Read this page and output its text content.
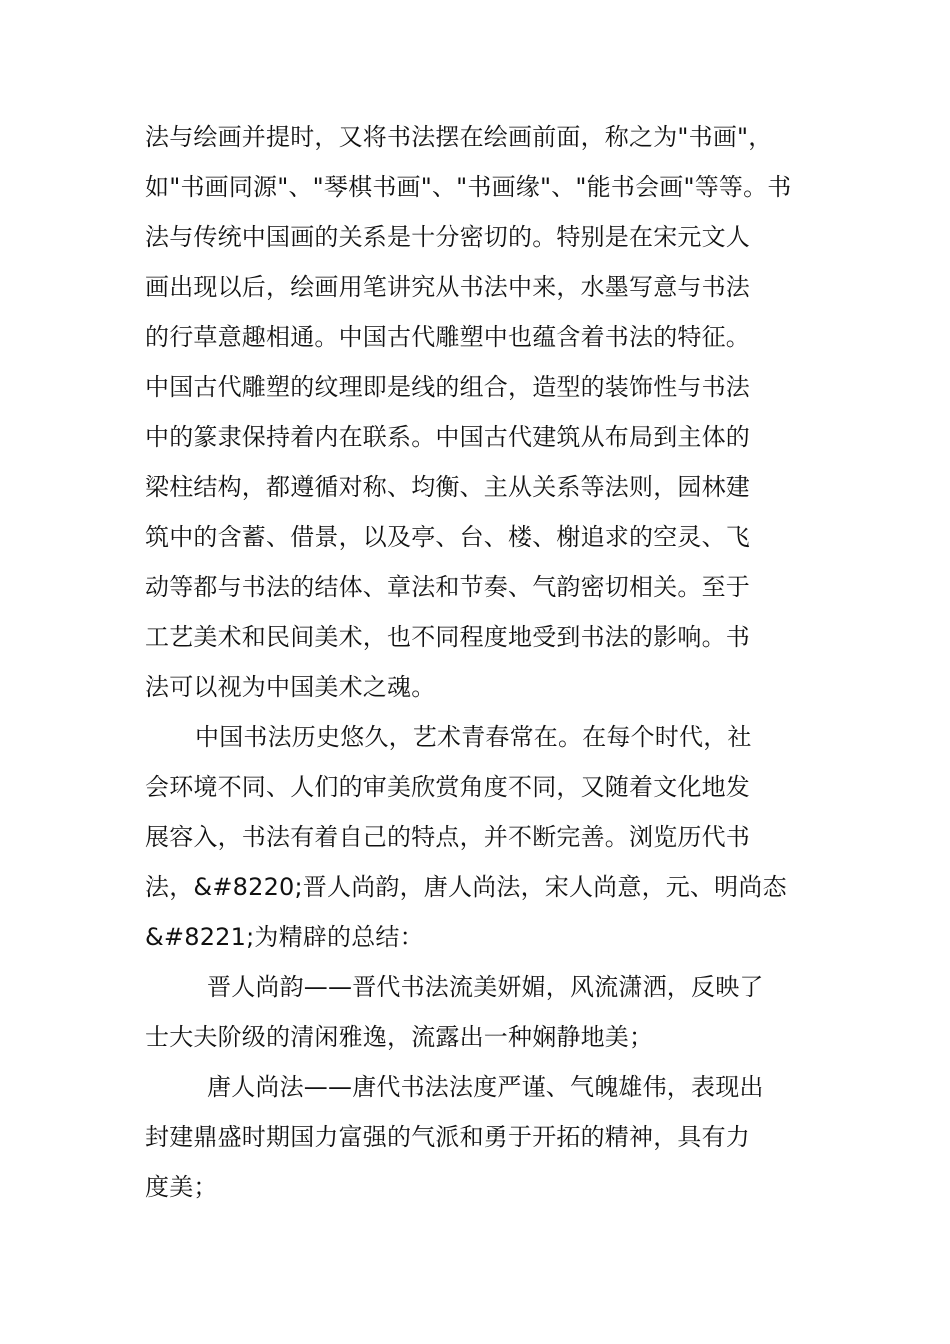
法与绘画并提时，又将书法摆在绘画前面，称之为"书画"，
如"书画同源"、"琴棋书画"、"书画缘"、"能书会画"等等。书
法与传统中国画的关系是十分密切的。特别是在宋元文人
画出现以后，绘画用笔讲究从书法中来，水墨写意与书法
的行草意趣相通。中国古代雕塑中也蕴含着书法的特征。
中国古代雕塑的纹理即是线的组合，造型的装饰性与书法
中的篆隶保持着内在联系。中国古代建筑从布局到主体的
梁柱结构，都遵循对称、均衡、主从关系等法则，园林建
筑中的含蓄、借景，以及亭、台、楼、榭追求的空灵、飞
动等都与书法的结体、章法和节奏、气韵密切相关。至于
工艺美术和民间美术，也不同程度地受到书法的影响。书
法可以视为中国美术之魂。
中国书法历史悠久，艺术青春常在。在每个时代，社
会环境不同、人们的审美欣赏角度不同，又随着文化地发
展容入，书法有着自己的特点，并不断完善。浏览历代书
法，&#8220;晋人尚韵，唐人尚法，宋人尚意，元、明尚态
&#8221;为精辟的总结：
晋人尚韵——晋代书法流美妍媚，风流潇洒，反映了
士大夫阶级的清闲雅逸，流露出一种娴静地美；
唐人尚法——唐代书法法度严谨、气魄雄伟，表现出
封建鼎盛时期国力富强的气派和勇于开拓的精神，具有力
度美；
